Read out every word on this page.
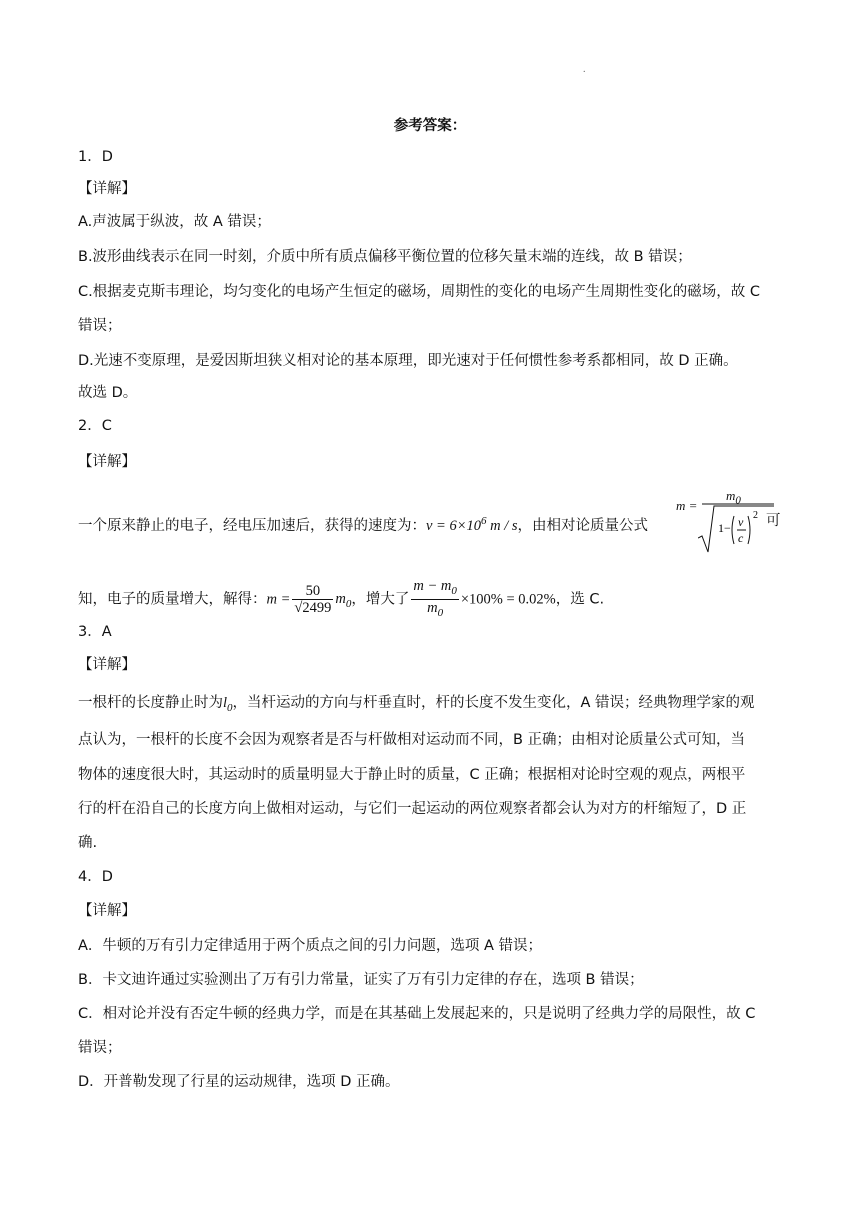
.
参考答案：
1．D
【详解】
A.声波属于纵波，故 A 错误；
B.波形曲线表示在同一时刻，介质中所有质点偏移平衡位置的位移矢量末端的连线，故 B 错误；
C.根据麦克斯韦理论，均匀变化的电场产生恒定的磁场，周期性的变化的电场产生周期性变化的磁场，故 C
错误；
D.光速不变原理，是爱因斯坦狭义相对论的基本原理，即光速对于任何惯性参考系都相同，故 D 正确。
故选 D。
2．C
【详解】
一个原来静止的电子，经电压加速后，获得的速度为：$v = 6\times 10^6$ m / s，由相对论质量公式
m =
$m_0$
1− v
c
2 可
知，电子的质量增大，解得：$m = \frac{50}{√2499} m_0$，增大了 $\frac{m - m_0}{m_0} \times 100\% = 0.02\%$，选 C.
3．A
【详解】
一根杆的长度静止时为$l_0$，当杆运动的方向与杆垂直时，杆的长度不发生变化，A 错误；经典物理学家的观
点认为，一根杆的长度不会因为观察者是否与杆做相对运动而不同，B 正确；由相对论质量公式可知，当
物体的速度很大时，其运动时的质量明显大于静止时的质量，C 正确；根据相对论时空观的观点，两根平
行的杆在沿自己的长度方向上做相对运动，与它们一起运动的两位观察者都会认为对方的杆缩短了，D 正
确.
4．D
【详解】
A．牛顿的万有引力定律适用于两个质点之间的引力问题，选项 A 错误；
B．卡文迪许通过实验测出了万有引力常量，证实了万有引力定律的存在，选项 B 错误；
C．相对论并没有否定牛顿的经典力学，而是在其基础上发展起来的，只是说明了经典力学的局限性，故 C
错误；
D．开普勒发现了行星的运动规律，选项 D 正确。
